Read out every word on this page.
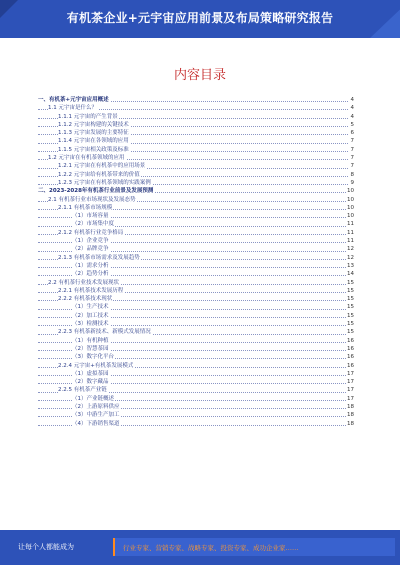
有机茶企业+元宇宙应用前景及布局策略研究报告
内容目录
一、有机茶+元宇宙应用概述	4
1.1 元宇宙是什么？	4
1.1.1 元宇宙的产生背景	4
1.1.2 元宇宙构建的关键技术	5
1.1.3 元宇宙发展的主要特征	6
1.1.4 元宇宙在各领域的应用	7
1.1.5 元宇宙相关政策及标准	7
1.2 元宇宙在有机茶领域的应用	7
1.2.1 元宇宙在有机茶中的应用场景	7
1.2.2 元宇宙给有机茶带来的价值	8
1.2.3 元宇宙在有机茶领域的实践案例	9
二、2023-2028年有机茶行业前景及发展预测	10
2.1 有机茶行业市场现状及发展态势	10
2.1.1 有机茶市场规模	10
（1）市场容量	10
（2）市场集中度	11
2.1.2 有机茶行业竞争格局	11
（1）企业竞争	11
（2）品牌竞争	12
2.1.3 有机茶市场需求及发展趋势	12
（1）需求分析	13
（2）趋势分析	14
2.2 有机茶行业技术发展现状	15
2.2.1 有机茶技术发展历程	15
2.2.2 有机茶技术现状	15
（1）生产技术	15
（2）加工技术	15
（3）检测技术	15
2.2.3 有机茶新技术、新模式发展情况	15
（1）有机种植	16
（2）智慧茶园	16
（3）数字化平台	16
2.2.4 元宇宙+有机茶发展模式	16
（1）虚拟茶园	17
（2）数字藏品	17
2.2.5 有机茶产业链	17
（1）产业链概述	17
（2）上游原料供应	18
（3）中游生产加工	18
（4）下游销售渠道	18
让每个人都能成为	行业专家、营销专家、战略专家、投资专家、成功企业家……
